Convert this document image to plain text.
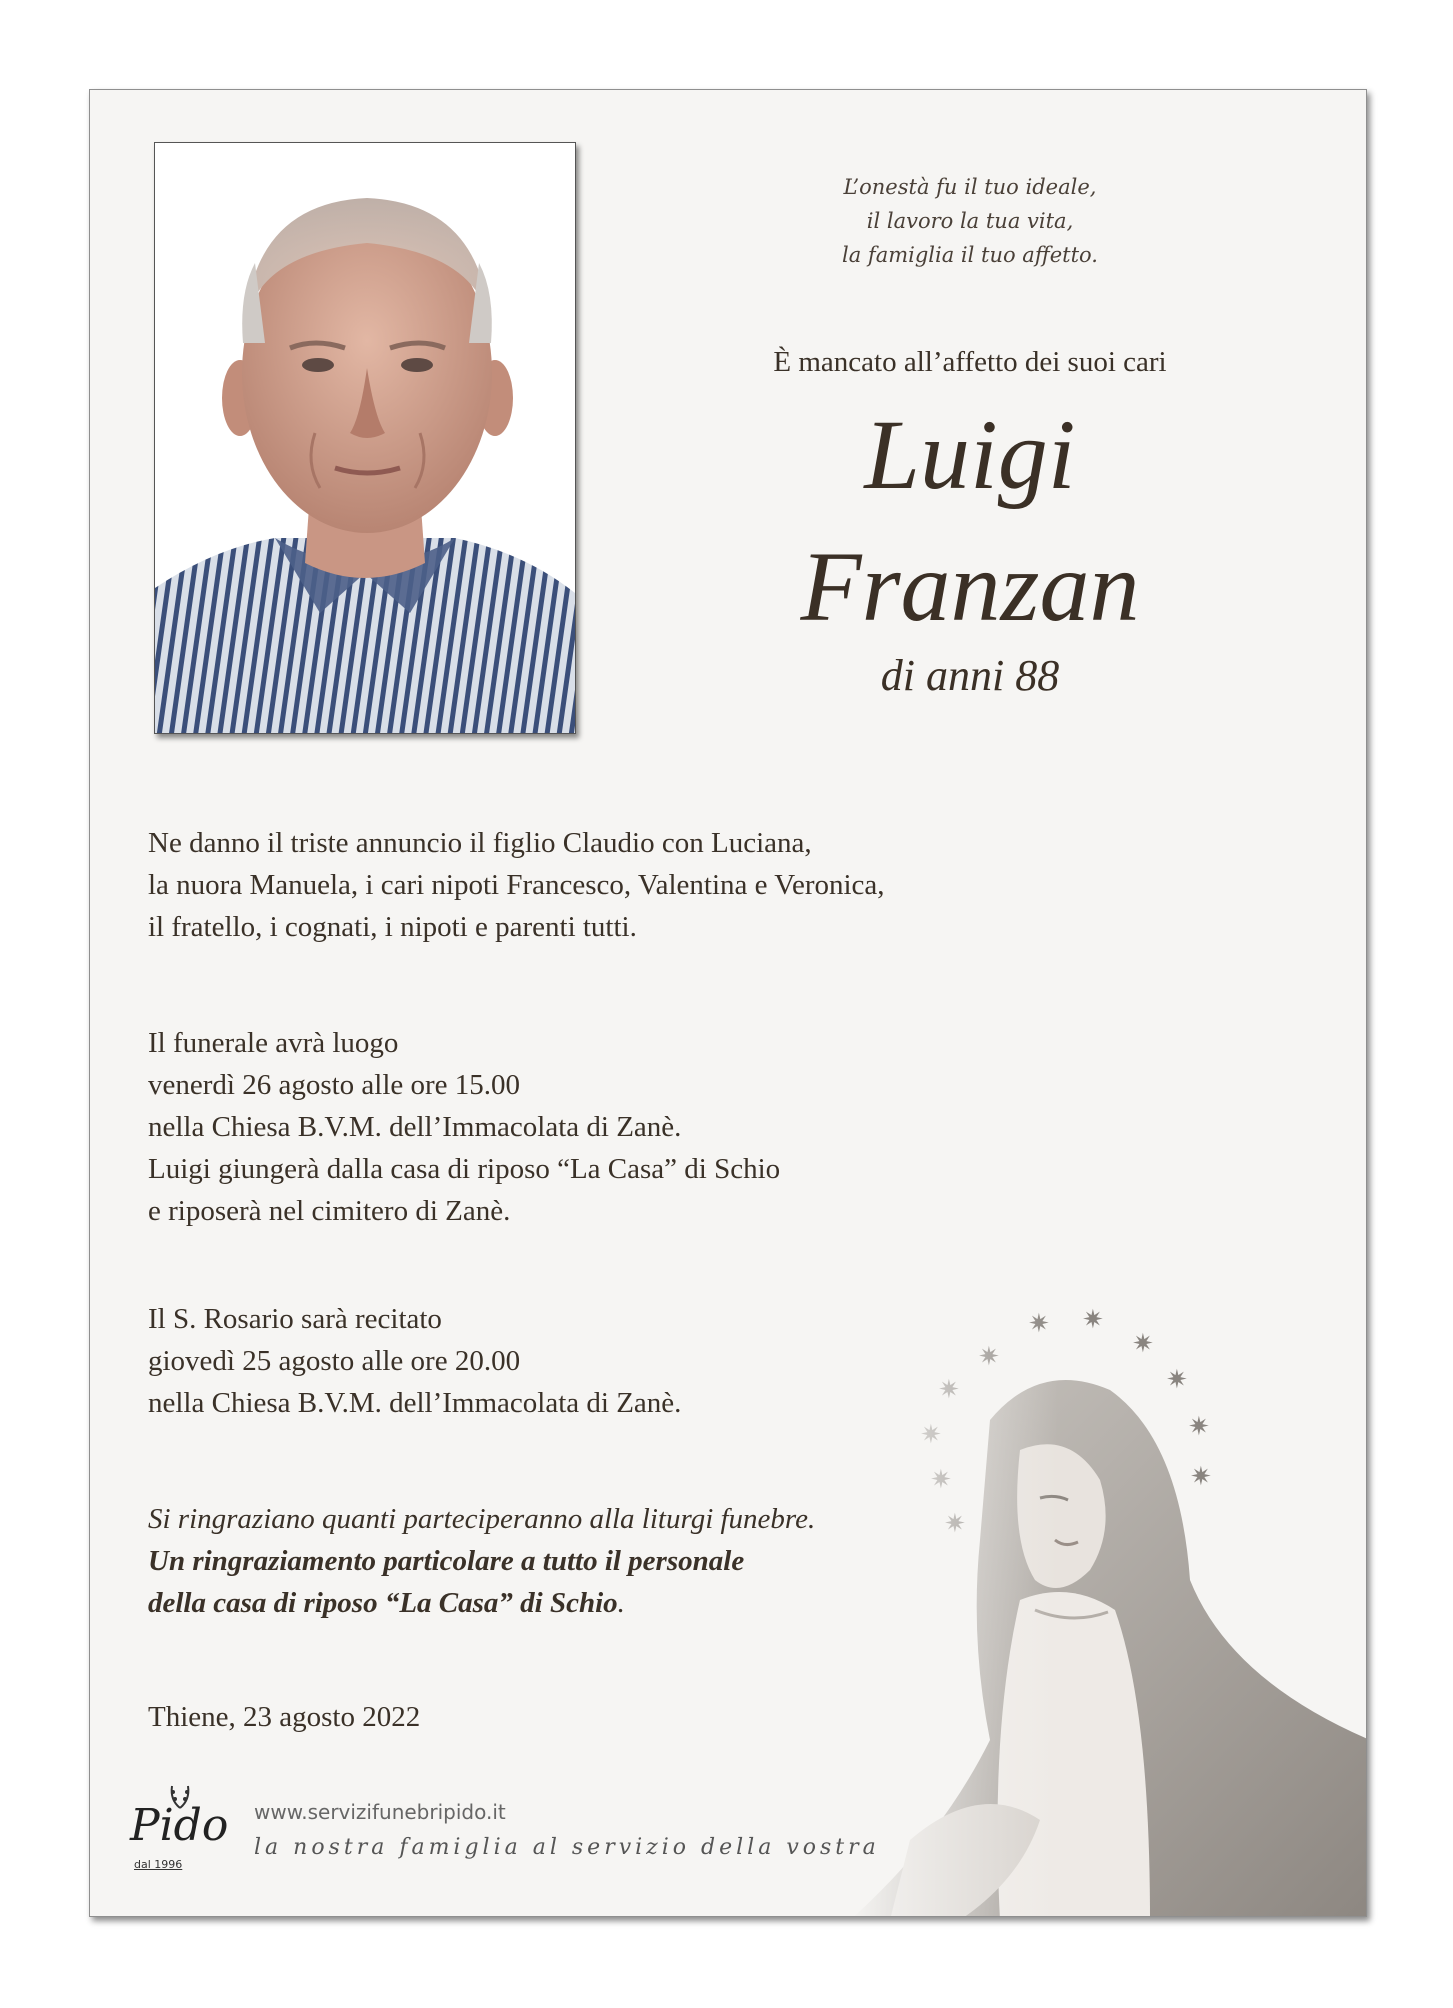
L’onestà fu il tuo ideale,
il lavoro la tua vita,
la famiglia il tuo affetto.
È mancato all’affetto dei suoi cari
Luigi
Franzan
di anni 88
Ne danno il triste annuncio il figlio Claudio con Luciana,
la nuora Manuela, i cari nipoti Francesco, Valentina e Veronica,
il fratello, i cognati, i nipoti e parenti tutti.
Il funerale avrà luogo
venerdì 26 agosto alle ore 15.00
nella Chiesa B.V.M. dell’Immacolata di Zanè.
Luigi giungerà dalla casa di riposo “La Casa” di Schio
e riposerà nel cimitero di Zanè.
Il S. Rosario sarà recitato
giovedì 25 agosto alle ore 20.00
nella Chiesa B.V.M. dell’Immacolata di Zanè.
Si ringraziano quanti parteciperanno alla liturgi funebre.
Un ringraziamento particolare a tutto il personale
della casa di riposo “La Casa” di Schio.
Thiene, 23 agosto 2022
Pido
dal 1996
www.servizifunebripido.it
la nostra famiglia al servizio della vostra
